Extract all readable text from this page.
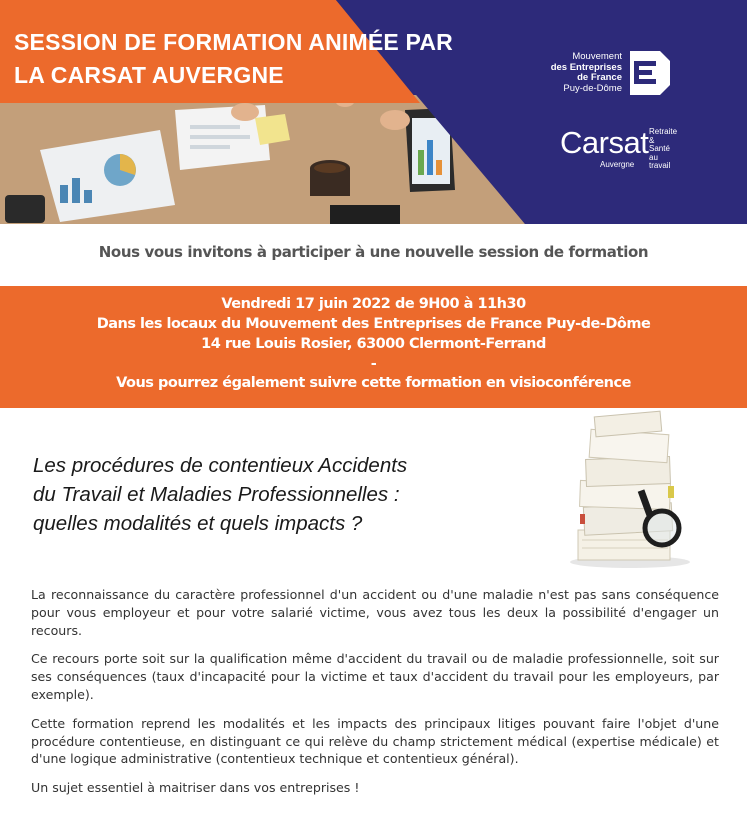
SESSION DE FORMATION ANIMÉE PAR
LA CARSAT AUVERGNE
Mouvement
des Entreprises
de France
Puy-de-Dôme
Carsat Retraite
& Santé
au travail
Auvergne
Nous vous invitons à participer à une nouvelle session de formation
Vendredi 17 juin 2022 de 9H00 à 11h30
Dans les locaux du Mouvement des Entreprises de France Puy-de-Dôme
14 rue Louis Rosier, 63000 Clermont-Ferrand
-
Vous pourrez également suivre cette formation en visioconférence
Les procédures de contentieux Accidents
du Travail et Maladies Professionnelles :
quelles modalités et quels impacts ?

La reconnaissance du caractère professionnel d'un accident ou d'une maladie n'est pas sans conséquence pour vous employeur et pour votre salarié victime, vous avez tous les deux la possibilité d'engager un recours.

Ce recours porte soit sur la qualification même d'accident du travail ou de maladie professionnelle, soit sur ses conséquences (taux d'incapacité pour la victime et taux d'accident du travail pour les employeurs, par exemple).

Cette formation reprend les modalités et les impacts des principaux litiges pouvant faire l'objet d'une procédure contentieuse, en distinguant ce qui relève du champ strictement médical (expertise médicale) et d'une logique administrative (contentieux technique et contentieux général).

Un sujet essentiel à maitriser dans vos entreprises !
